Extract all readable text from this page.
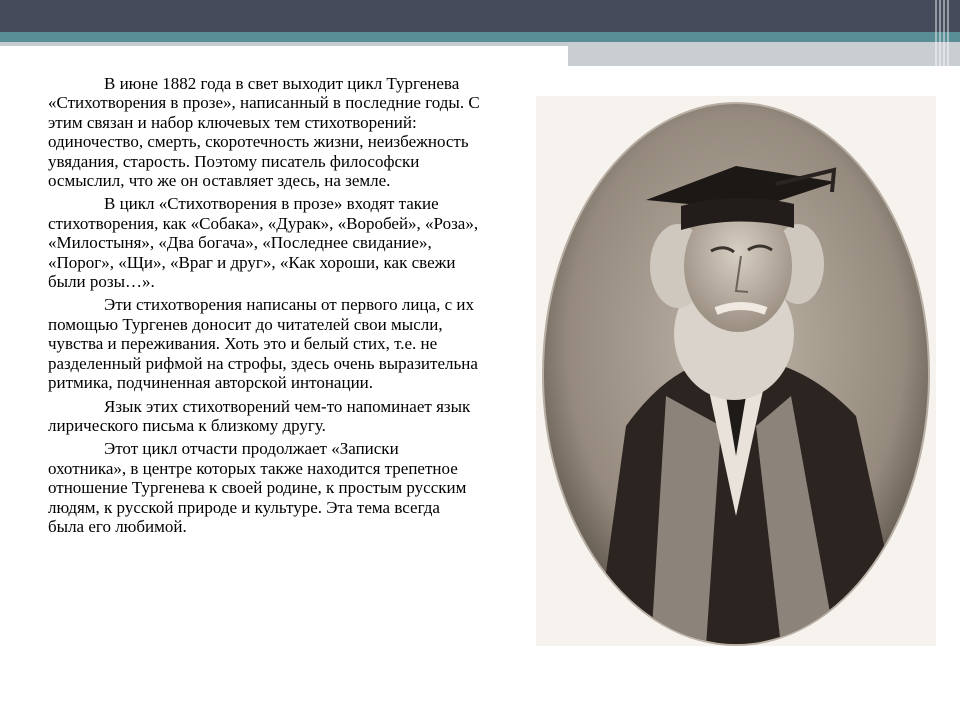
В июне 1882 года в свет выходит цикл Тургенева «Стихотворения в прозе», написанный в последние годы. С этим связан и набор ключевых тем стихотворений: одиночество, смерть, скоротечность жизни, неизбежность увядания, старость. Поэтому писатель философски осмыслил, что же он оставляет здесь, на земле.

В цикл «Стихотворения в прозе» входят такие стихотворения, как «Собака», «Дурак», «Воробей», «Роза», «Милостыня», «Два богача», «Последнее свидание», «Порог», «Щи», «Враг и друг», «Как хороши, как свежи были розы…».

Эти стихотворения написаны от первого лица, с их помощью Тургенев доносит до читателей свои мысли, чувства и переживания. Хоть это и белый стих, т.е. не разделенный рифмой на строфы, здесь очень выразительна ритмика, подчиненная авторской интонации.

Язык этих стихотворений чем-то напоминает язык лирического письма к близкому другу.

Этот цикл отчасти продолжает «Записки охотника», в центре которых также находится трепетное отношение Тургенева к своей родине, к простым русским людям, к русской природе и культуре. Эта тема всегда была его любимой.
